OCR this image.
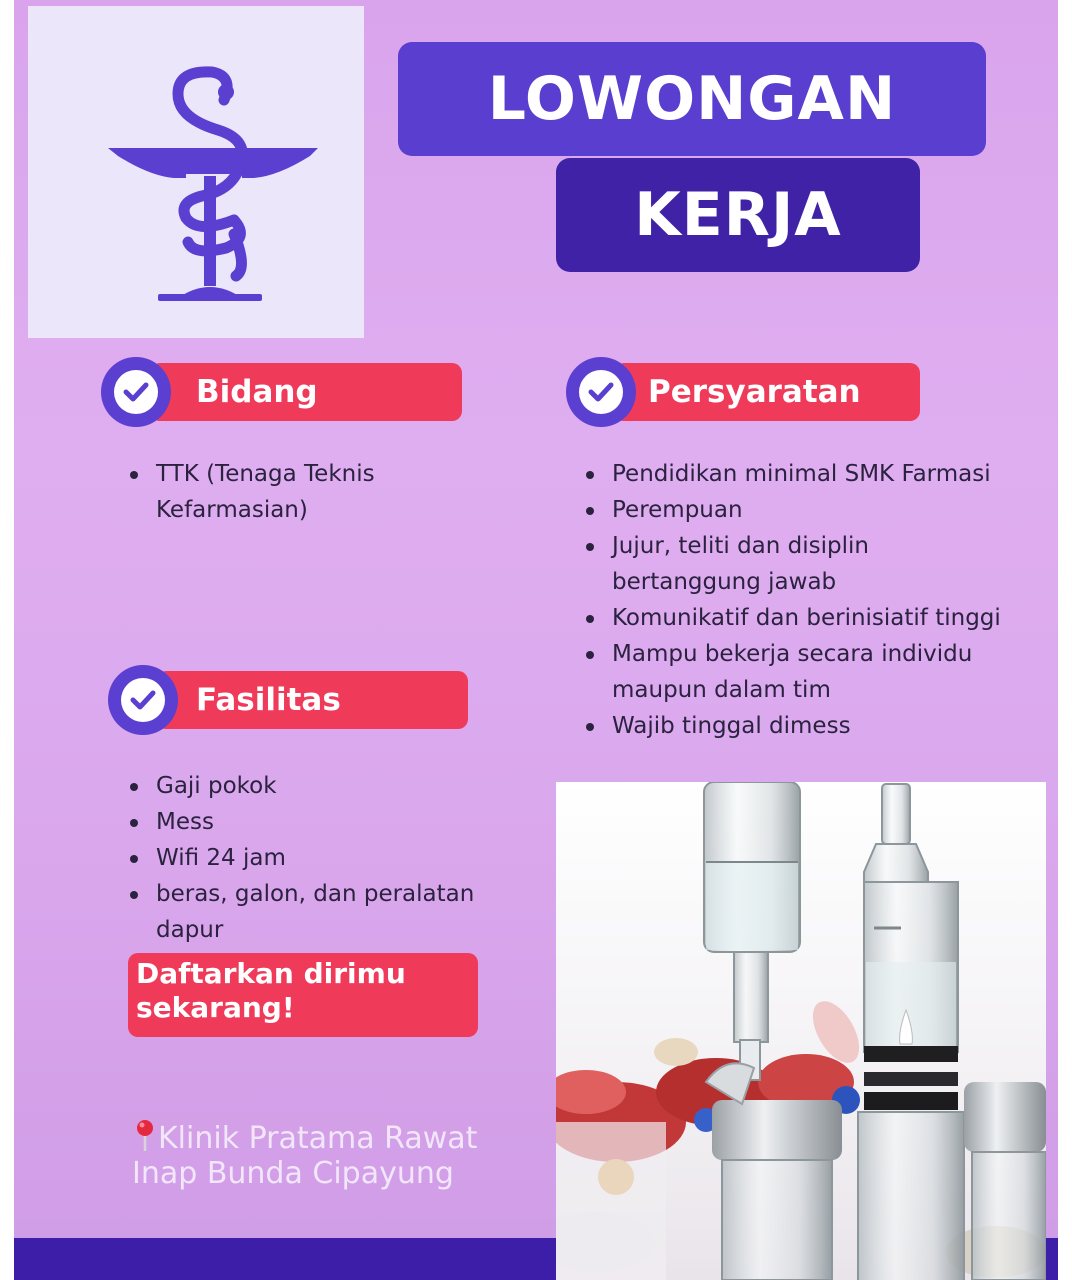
LOWONGAN
KERJA
Bidang
TTK (Tenaga Teknis Kefarmasian)
Persyaratan
Pendidikan minimal SMK Farmasi
Perempuan
Jujur, teliti dan disiplin bertanggung jawab
Komunikatif dan berinisiatif tinggi
Mampu bekerja secara individu maupun dalam tim
Wajib tinggal dimess
Fasilitas
Gaji pokok
Mess
Wifi 24 jam
beras, galon, dan peralatan dapur
Daftarkan dirimu sekarang!
Klinik Pratama Rawat Inap Bunda Cipayung
